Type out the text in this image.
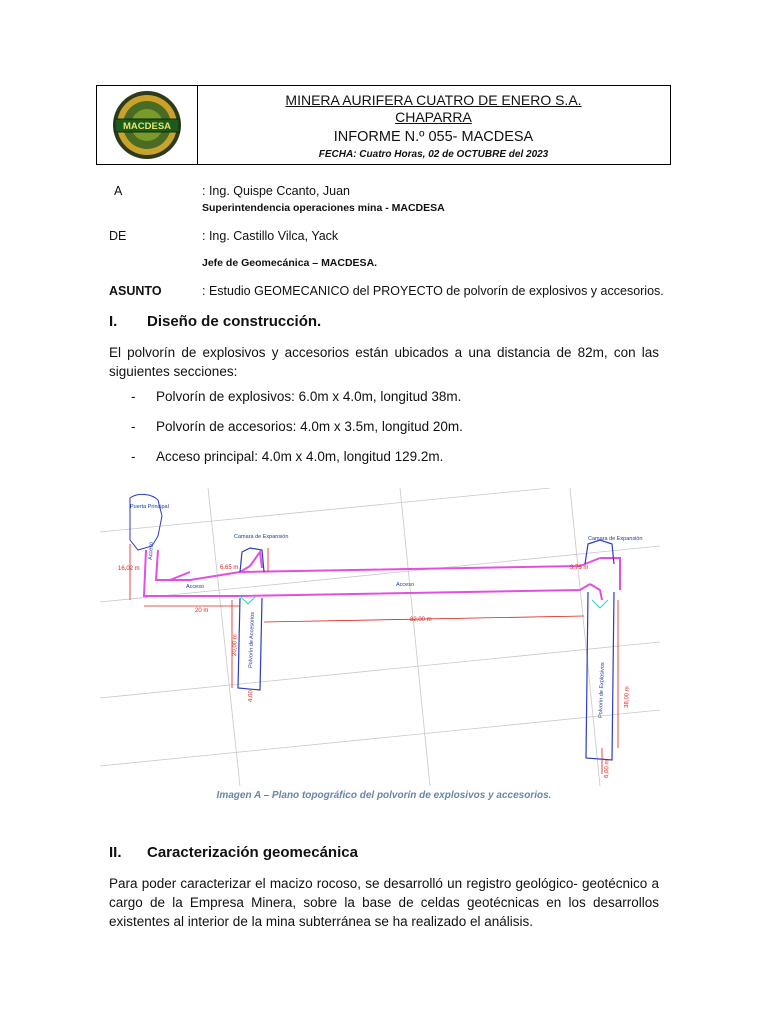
MACDESA
MINERA AURIFERA CUATRO DE ENERO S.A.
CHAPARRA
INFORME N.º 055- MACDESA
FECHA: Cuatro Horas, 02 de OCTUBRE del 2023
A	: Ing. Quispe Ccanto, Juan
Superintendencia operaciones mina - MACDESA
DE	: Ing. Castillo Vilca, Yack
Jefe de Geomecánica – MACDESA.
ASUNTO	: Estudio GEOMECANICO del PROYECTO de polvorín de explosivos y accesorios.
I. Diseño de construcción.
El polvorín de explosivos y accesorios están ubicados a una distancia de 82m, con las siguientes secciones:
- Polvorín de explosivos: 6.0m x 4.0m, longitud 38m.
- Polvorín de accesorios: 4.0m x 3.5m, longitud 20m.
- Acceso principal: 4.0m x 4.0m, longitud 129.2m.
Puerta Principal
Acceso
Camara de Expansión	Camara de Expansión
Acceso	Acceso
Polvorín de Accesorios
Polvorín de Explosivos
16,02 m
20 m
6.65 m
82,00 m
3,75 m
20,00 m
4,00	38,00 m
6,00 m
Imagen A – Plano topográfico del polvorín de explosivos y accesorios.
II. Caracterización geomecánica
Para poder caracterizar el macizo rocoso, se desarrolló un registro geológico- geotécnico a cargo de la Empresa Minera, sobre la base de celdas geotécnicas en los desarrollos existentes al interior de la mina subterránea se ha realizado el análisis.
